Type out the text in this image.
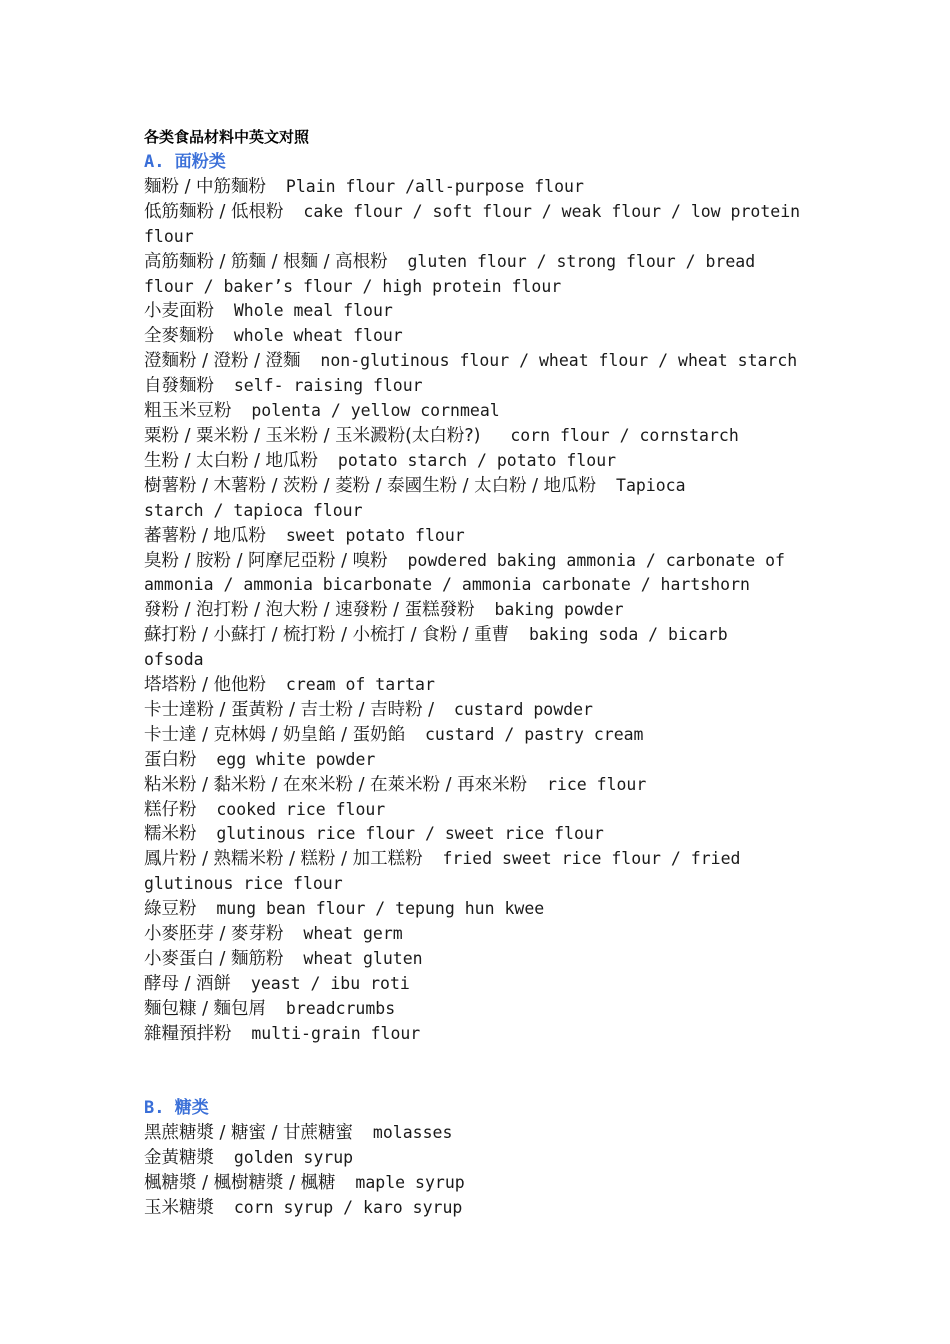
各类食品材料中英文对照
A. 面粉类
麵粉 / 中筋麵粉  Plain flour /all-purpose flour
低筋麵粉 / 低根粉  cake flour / soft flour / weak flour / low protein
flour
高筋麵粉 / 筋麵 / 根麵 / 高根粉  gluten flour / strong flour / bread
flour / baker’s flour / high protein flour
小麦面粉  Whole meal flour
全麥麵粉  whole wheat flour
澄麵粉 / 澄粉 / 澄麵  non-glutinous flour / wheat flour / wheat starch
自發麵粉  self- raising flour
粗玉米豆粉  polenta / yellow cornmeal
粟粉 / 粟米粉 / 玉米粉 / 玉米澱粉(太白粉?)   corn flour / cornstarch
生粉 / 太白粉 / 地瓜粉  potato starch / potato flour
樹薯粉 / 木薯粉 / 茨粉 / 菱粉 / 泰國生粉 / 太白粉 / 地瓜粉  Tapioca
starch / tapioca flour
蕃薯粉 / 地瓜粉  sweet potato flour
臭粉 / 胺粉 / 阿摩尼亞粉 / 嗅粉  powdered baking ammonia / carbonate of
ammonia / ammonia bicarbonate / ammonia carbonate / hartshorn
發粉 / 泡打粉 / 泡大粉 / 速發粉 / 蛋糕發粉  baking powder
蘇打粉 / 小蘇打 / 梳打粉 / 小梳打 / 食粉 / 重曹  baking soda / bicarb
ofsoda
塔塔粉 / 他他粉  cream of tartar
卡士達粉 / 蛋黃粉 / 吉士粉 / 吉時粉 /  custard powder
卡士達 / 克林姆 / 奶皇餡 / 蛋奶餡  custard / pastry cream
蛋白粉  egg white powder
粘米粉 / 黏米粉 / 在來米粉 / 在萊米粉 / 再來米粉  rice flour
糕仔粉  cooked rice flour
糯米粉  glutinous rice flour / sweet rice flour
鳳片粉 / 熟糯米粉 / 糕粉 / 加工糕粉  fried sweet rice flour / fried
glutinous rice flour
綠豆粉  mung bean flour / tepung hun kwee
小麥胚芽 / 麥芽粉  wheat germ
小麥蛋白 / 麵筋粉  wheat gluten
酵母 / 酒餅  yeast / ibu roti
麵包糠 / 麵包屑  breadcrumbs
雜糧預拌粉  multi-grain flour
B. 糖类
黑蔗糖漿 / 糖蜜 / 甘蔗糖蜜  molasses
金黃糖漿  golden syrup
楓糖漿 / 楓樹糖漿 / 楓糖  maple syrup
玉米糖漿  corn syrup / karo syrup
